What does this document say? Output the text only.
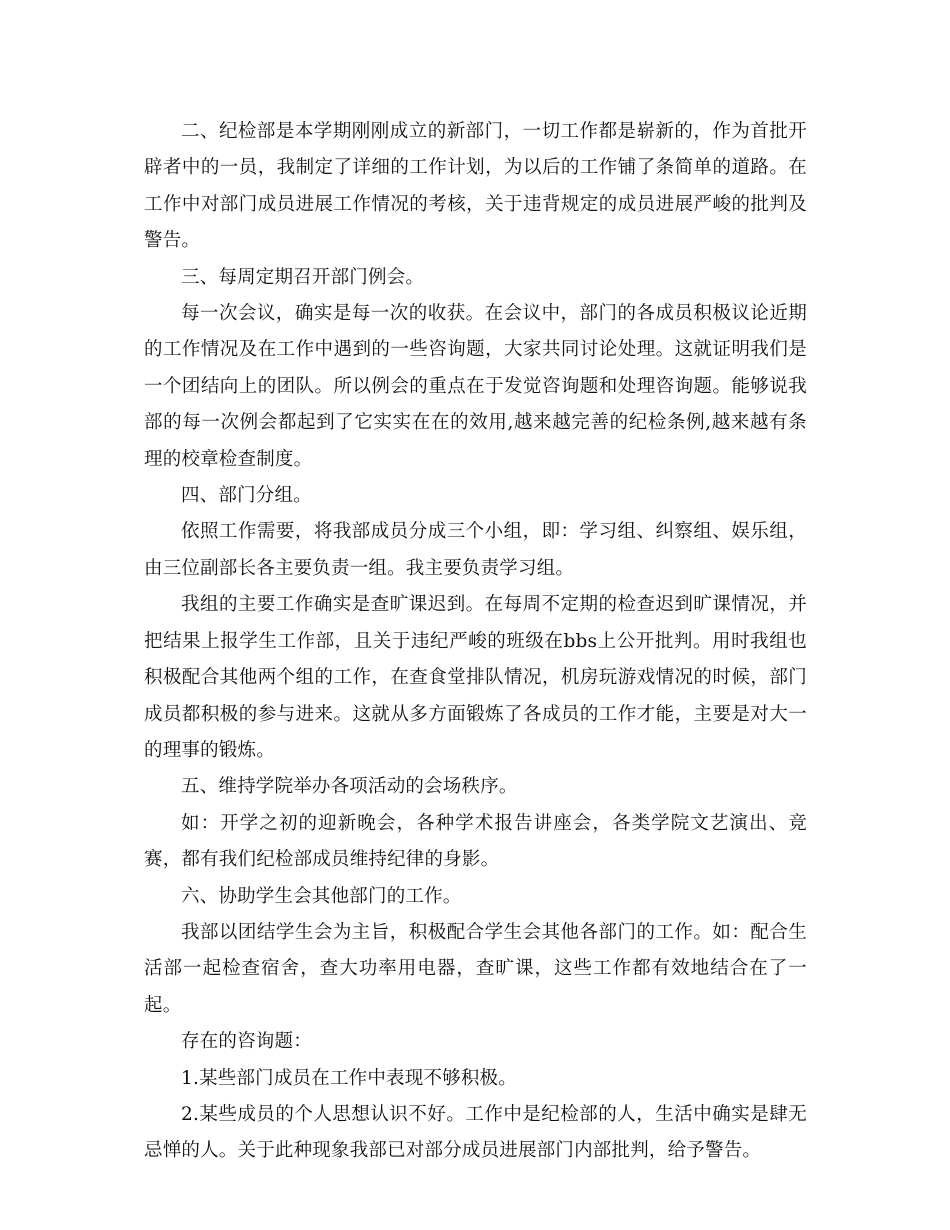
二、纪检部是本学期刚刚成立的新部门，一切工作都是崭新的，作为首批开辟者中的一员，我制定了详细的工作计划，为以后的工作铺了条简单的道路。在工作中对部门成员进展工作情况的考核，关于违背规定的成员进展严峻的批判及警告。

三、每周定期召开部门例会。

每一次会议，确实是每一次的收获。在会议中，部门的各成员积极议论近期的工作情况及在工作中遇到的一些咨询题，大家共同讨论处理。这就证明我们是一个团结向上的团队。所以例会的重点在于发觉咨询题和处理咨询题。能够说我部的每一次例会都起到了它实实在在的效用,越来越完善的纪检条例,越来越有条理的校章检查制度。

四、部门分组。

依照工作需要，将我部成员分成三个小组，即：学习组、纠察组、娱乐组，由三位副部长各主要负责一组。我主要负责学习组。

我组的主要工作确实是查旷课迟到。在每周不定期的检查迟到旷课情况，并把结果上报学生工作部，且关于违纪严峻的班级在bbs上公开批判。用时我组也积极配合其他两个组的工作，在查食堂排队情况，机房玩游戏情况的时候，部门成员都积极的参与进来。这就从多方面锻炼了各成员的工作才能，主要是对大一的理事的锻炼。

五、维持学院举办各项活动的会场秩序。

如：开学之初的迎新晚会，各种学术报告讲座会，各类学院文艺演出、竞赛，都有我们纪检部成员维持纪律的身影。

六、协助学生会其他部门的工作。

我部以团结学生会为主旨，积极配合学生会其他各部门的工作。如：配合生活部一起检查宿舍，查大功率用电器，查旷课，这些工作都有效地结合在了一起。

存在的咨询题：

1.某些部门成员在工作中表现不够积极。

2.某些成员的个人思想认识不好。工作中是纪检部的人，生活中确实是肆无忌惮的人。关于此种现象我部已对部分成员进展部门内部批判，给予警告。
